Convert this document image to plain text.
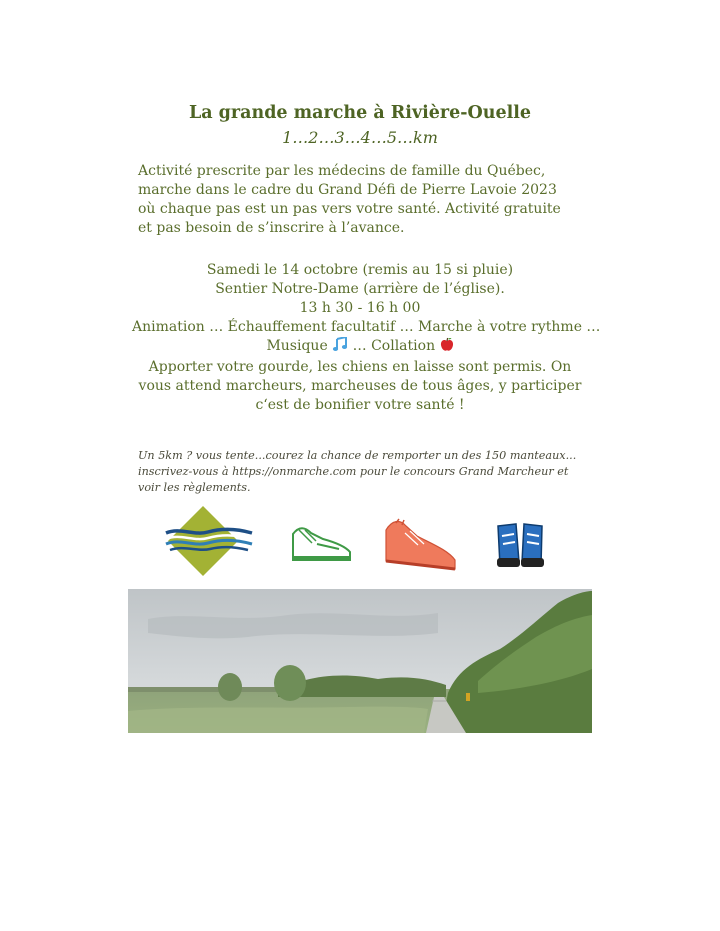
La grande marche à Rivière-Ouelle
1…2…3…4…5…km
Activité prescrite par les médecins de famille du Québec, marche dans le cadre du Grand Défi de Pierre Lavoie 2023 où chaque pas est un pas vers votre santé. Activité gratuite et pas besoin de s’inscrire à l’avance.
Samedi le 14 octobre (remis au 15 si pluie)
Sentier Notre-Dame (arrière de l’église).
13 h 30 - 16 h 00
Animation … Échauffement facultatif … Marche à votre rythme …
Musique … Collation
Apporter votre gourde, les chiens en laisse sont permis. On vous attend marcheurs, marcheuses de tous âges, y participer c‘est de bonifier votre santé !
Un 5km ? vous tente...courez la chance de remporter un des 150 manteaux... inscrivez-vous à https://onmarche.com pour le concours Grand Marcheur et voir les règlements.
